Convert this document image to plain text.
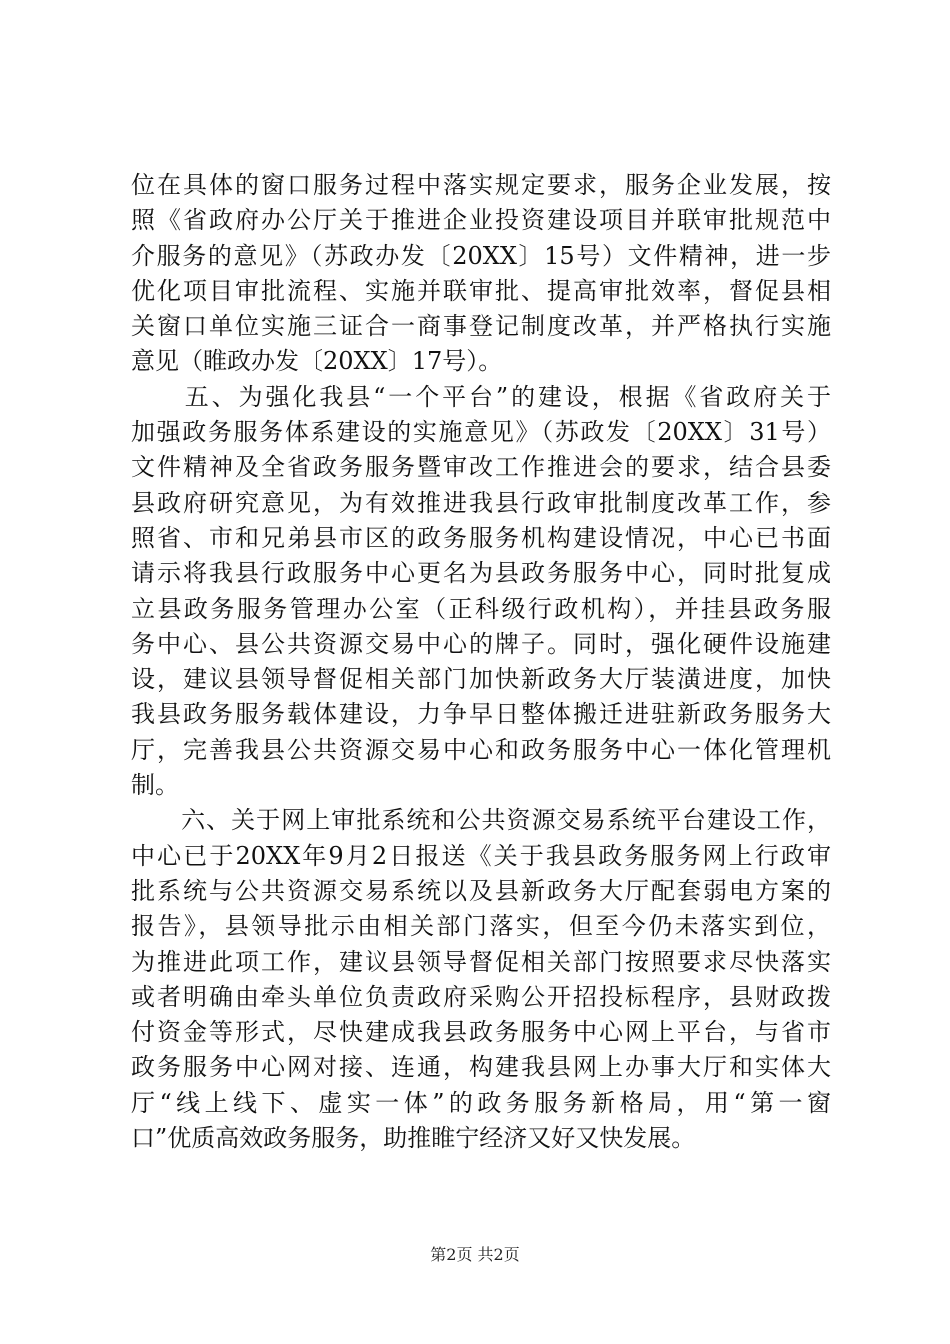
位在具体的窗口服务过程中落实规定要求，服务企业发展，按
照《省政府办公厅关于推进企业投资建设项目并联审批规范中
介服务的意见》（苏政办发〔20XX〕15号）文件精神，进一步
优化项目审批流程、实施并联审批、提高审批效率，督促县相
关窗口单位实施三证合一商事登记制度改革，并严格执行实施
意见（睢政办发〔20XX〕17号）。
　　五、为强化我县“一个平台”的建设，根据《省政府关于
加强政务服务体系建设的实施意见》（苏政发〔20XX〕31号）
文件精神及全省政务服务暨审改工作推进会的要求，结合县委
县政府研究意见，为有效推进我县行政审批制度改革工作，参
照省、市和兄弟县市区的政务服务机构建设情况，中心已书面
请示将我县行政服务中心更名为县政务服务中心，同时批复成
立县政务服务管理办公室（正科级行政机构），并挂县政务服
务中心、县公共资源交易中心的牌子。同时，强化硬件设施建
设，建议县领导督促相关部门加快新政务大厅装潢进度，加快
我县政务服务载体建设，力争早日整体搬迁进驻新政务服务大
厅，完善我县公共资源交易中心和政务服务中心一体化管理机
制。
　　六、关于网上审批系统和公共资源交易系统平台建设工作，
中心已于20XX年9月2日报送《关于我县政务服务网上行政审
批系统与公共资源交易系统以及县新政务大厅配套弱电方案的
报告》，县领导批示由相关部门落实，但至今仍未落实到位，
为推进此项工作，建议县领导督促相关部门按照要求尽快落实
或者明确由牵头单位负责政府采购公开招投标程序，县财政拨
付资金等形式，尽快建成我县政务服务中心网上平台，与省市
政务服务中心网对接、连通，构建我县网上办事大厅和实体大
厅“线上线下、虚实一体”的政务服务新格局，用“第一窗
口”优质高效政务服务，助推睢宁经济又好又快发展。
第2页 共2页
